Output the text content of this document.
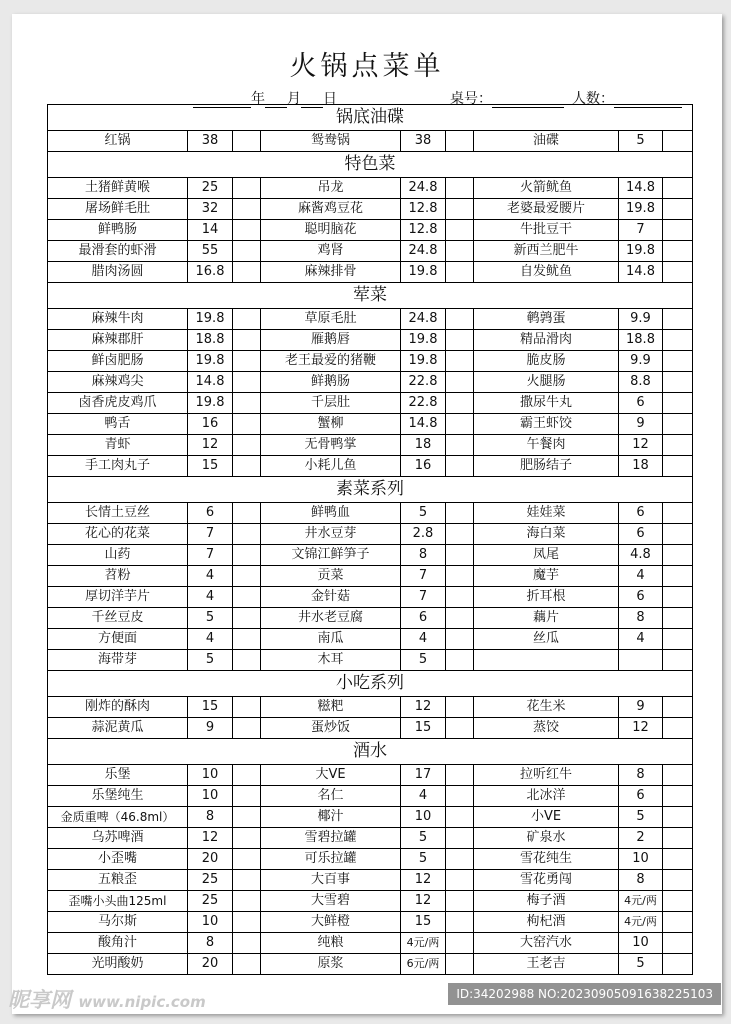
火锅点菜单
年 月 日	桌号：	人数：
锅底油碟								
红锅	38		鸳鸯锅	38		油碟	5	
特色菜								
土猪鲜黄喉	25		吊龙	24.8		火箭鱿鱼	14.8	
屠场鲜毛肚	32		麻酱鸡豆花	12.8		老婆最爱腰片	19.8	
鲜鸭肠	14		聪明脑花	12.8		牛批豆干	7	
最滑套的虾滑	55		鸡肾	24.8		新西兰肥牛	19.8	
腊肉汤圆	16.8		麻辣排骨	19.8		自发鱿鱼	14.8	
荤菜								
麻辣牛肉	19.8		草原毛肚	24.8		鹌鹑蛋	9.9	
麻辣郡肝	18.8		雁鹅唇	19.8		精品滑肉	18.8	
鲜卤肥肠	19.8		老王最爱的猪鞭	19.8		脆皮肠	9.9	
麻辣鸡尖	14.8		鲜鹅肠	22.8		火腿肠	8.8	
卤香虎皮鸡爪	19.8		千层肚	22.8		撒尿牛丸	6	
鸭舌	16		蟹柳	14.8		霸王虾饺	9	
青虾	12		无骨鸭掌	18		午餐肉	12	
手工肉丸子	15		小耗儿鱼	16		肥肠结子	18	
素菜系列								
长情土豆丝	6		鲜鸭血	5		娃娃菜	6	
花心的花菜	7		井水豆芽	2.8		海白菜	6	
山药	7		文锦江鲜笋子	8		凤尾	4.8	
苕粉	4		贡菜	7		魔芋	4	
厚切洋芋片	4		金针菇	7		折耳根	6	
千丝豆皮	5		井水老豆腐	6		藕片	8	
方便面	4		南瓜	4		丝瓜	4	
海带芽	5		木耳	5				
小吃系列								
刚炸的酥肉	15		糍粑	12		花生米	9	
蒜泥黄瓜	9		蛋炒饭	15		蒸饺	12	
酒水								
乐堡	10		大VE	17		拉听红牛	8	
乐堡纯生	10		名仁	4		北冰洋	6	
金质重啤（46.8ml）	8		椰汁	10		小VE	5	
乌苏啤酒	12		雪碧拉罐	5		矿泉水	2	
小歪嘴	20		可乐拉罐	5		雪花纯生	10	
五粮歪	25		大百事	12		雪花勇闯	8	
歪嘴小头曲125ml	25		大雪碧	12		梅子酒	4元/两	
马尔斯	10		大鲜橙	15		枸杞酒	4元/两	
酸角汁	8		纯粮	4元/两		大窑汽水	10	
光明酸奶	20		原浆	6元/两		王老吉	5	
昵享网 www.nipic.com	ID:34202988 NO:20230905091638225103
